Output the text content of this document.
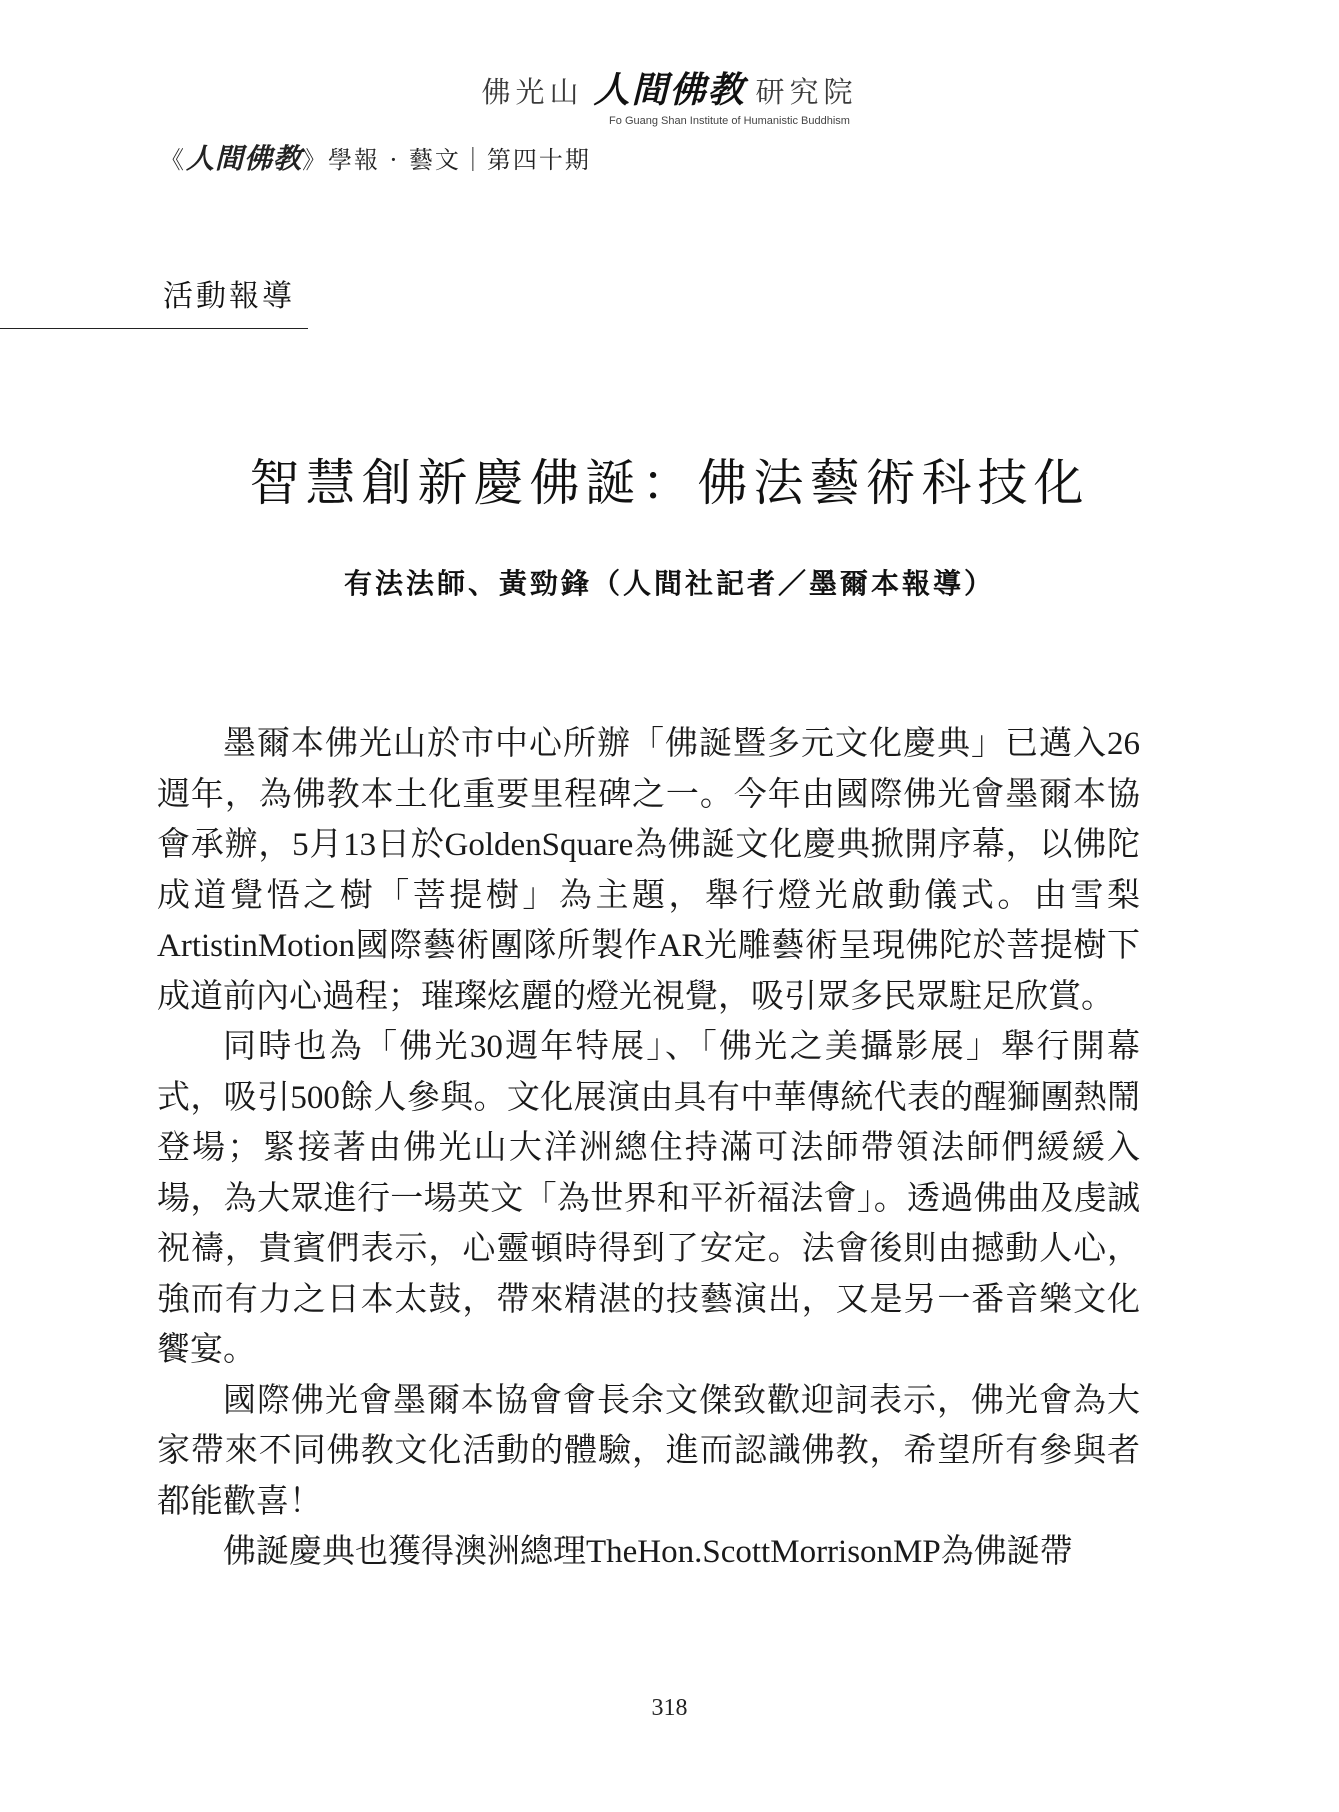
佛光山 人間佛教 研究院
Fo Guang Shan Institute of Humanistic Buddhism
《人間佛教》學報 · 藝文｜第四十期
活動報導
智慧創新慶佛誕：佛法藝術科技化
有法法師、黃勁鋒（人間社記者／墨爾本報導）

墨爾本佛光山於市中心所辦「佛誕暨多元文化慶典」已邁入26週年，為佛教本土化重要里程碑之一。今年由國際佛光會墨爾本協會承辦，5月13日於GoldenSquare為佛誕文化慶典掀開序幕，以佛陀成道覺悟之樹「菩提樹」為主題，舉行燈光啟動儀式。由雪梨ArtistinMotion國際藝術團隊所製作AR光雕藝術呈現佛陀於菩提樹下成道前內心過程；璀璨炫麗的燈光視覺，吸引眾多民眾駐足欣賞。

同時也為「佛光30週年特展」、「佛光之美攝影展」舉行開幕式，吸引500餘人參與。文化展演由具有中華傳統代表的醒獅團熱鬧登場；緊接著由佛光山大洋洲總住持滿可法師帶領法師們緩緩入場，為大眾進行一場英文「為世界和平祈福法會」。透過佛曲及虔誠祝禱，貴賓們表示，心靈頓時得到了安定。法會後則由撼動人心，強而有力之日本太鼓，帶來精湛的技藝演出，又是另一番音樂文化饗宴。

國際佛光會墨爾本協會會長余文傑致歡迎詞表示，佛光會為大家帶來不同佛教文化活動的體驗，進而認識佛教，希望所有參與者都能歡喜！

佛誕慶典也獲得澳洲總理TheHon.ScottMorrisonMP為佛誕帶

318
